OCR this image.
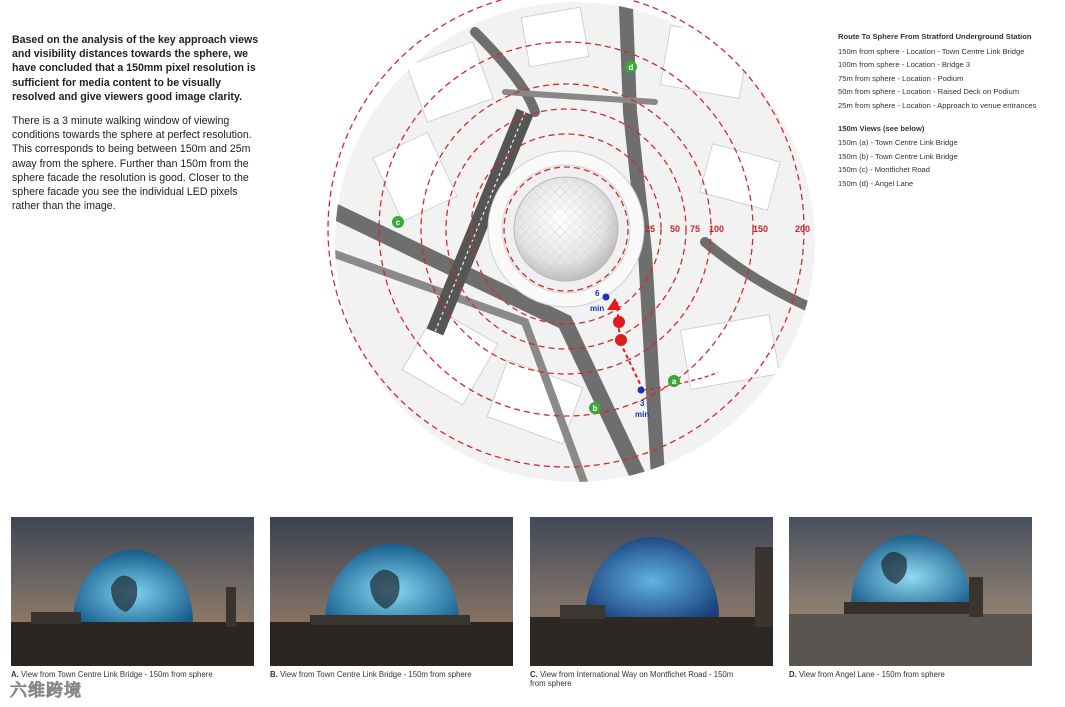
Based on the analysis of the key approach views and visibility distances towards the sphere, we have concluded that a 150mm pixel resolution is sufficient for media content to be visually resolved and give viewers good image clarity.

There is a 3 minute walking window of viewing conditions towards the sphere at perfect resolution. This corresponds to being between 150m and 25m away from the sphere. Further than 150m from the sphere facade the resolution is good. Closer to the sphere facade you see the individual LED pixels rather than the image.

Route To Sphere From Stratford Underground Station
150m from sphere - Location - Town Centre Link Bridge
100m from sphere - Location - Bridge 3
75m from sphere - Location - Podium
50m from sphere - Location - Raised Deck on Podium
25m from sphere - Location - Approach to venue entrances
150m Views (see below)
150m (a) - Town Centre Link Bridge
150m (b) - Town Centre Link Bridge
150m (c) - Montfichet Road
150m (d) - Angel Lane
25 50 75 100	150	200
6
min
3
min
a
b
c
d
A. View from Town Centre Link Bridge - 150m from sphere	B. View from Town Centre Link Bridge - 150m from sphere	C. View from International Way on Montfichet Road - 150m from sphere
D. View from Angel Lane - 150m from sphere
六维跨境
